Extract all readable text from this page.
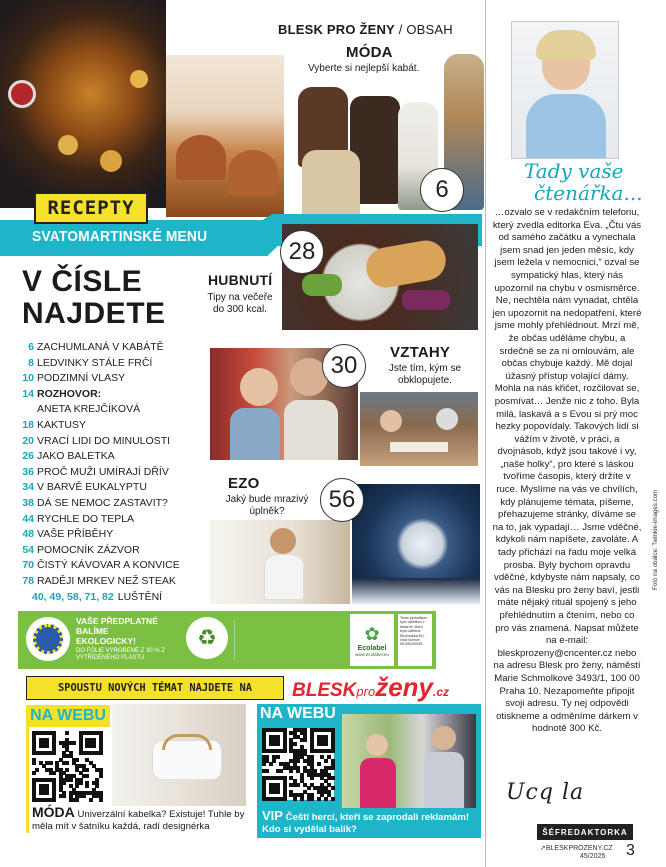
RECEPTY
SVATOMARTINSKÉ MENU
BLESK PRO ŽENY / OBSAH
MÓDA
Vyberte si nejlepší kabát.
6
28
HUBNUTÍ
Tipy na večeře do 300 kcal.
30	VZTAHY
Jste tím, kým se obklopujete.
EZO
Jaký bude mrazivý úplněk?	56
V ČÍSLE
NAJDETE
6 ZACHUMLANÁ V KABÁTĚ
8 LEDVINKY STÁLE FRČÍ
10 PODZIMNÍ VLASY
14 ROZHOVOR:
ANETA KREJČÍKOVÁ
18 KAKTUSY
20 VRACÍ LIDI DO MINULOSTI
26 JAKO BALETKA
36 PROČ MUŽI UMÍRAJÍ DŘÍV
34 V BARVĚ EUKALYPTU
38 DÁ SE NEMOC ZASTAVIT?
44 RYCHLE DO TEPLA
48 VAŠE PŘÍBĚHY
54 POMOCNÍK ZÁZVOR
70 ČISTÝ KÁVOVAR A KONVICE
78 RADĚJI MRKEV NEŽ STEAK
40, 49, 58, 71, 82 LUŠTĚNÍ
VAŠE PŘEDPLATNÉ
BALÍME
EKOLOGICKY!
DO FÓLIE VYROBENÉ Z 30 % Z VYTŘÍDĚNÉHO PLASTU
♻	✿
Ecolabel
www.ecolabel.eu
Tento periodikum bylo vytištěno v tiskárně, která byla udělena Ekoznačka EU, číslo licence SK/053/00001.
SPOUSTU NOVÝCH TÉMAT NAJDETE NA	BLESKproženy.cz
NA WEBU
MÓDA Univerzální kabelka? Existuje! Tuhle by měla mít v šatníku každá, radí designérka
NA WEBU
VIP Čeští herci, kteří se zaprodali reklamám! Kdo si vydělal balík?
Tady vaše
čtenářka...
…ozvalo se v redakčním telefonu, který zvedla editorka Eva. „Čtu vás od samého začátku a vynechala jsem snad jen jeden měsíc, kdy jsem ležela v nemocnici,“ ozval se sympatický hlas, který nás upozornil na chybu v osmisměrce. Ne, nechtěla nám vynadat, chtěla jen upozornit na nedopatření, které jsme mohly přehlédnout. Mrzí mě, že občas uděláme chybu, a srdečně se za ni omlouvám, ale občas chybuje každý. Mě dojal úžasný přístup volající dámy. Mohla na nás křičet, rozčilovat se, posmívat… Jenže nic z toho. Byla milá, laskavá a s Evou si prý moc hezky popovídaly. Takových lidí si vážím v životě, v práci, a dvojnásob, když jsou takové i vy, „naše holky“, pro které s láskou tvoříme časopis, který držíte v ruce. Myslíme na vás ve chvílích, kdy plánujeme témata, píšeme, přehazujeme stránky, díváme se na to, jak vypadají… Jsme vděčné, kdykoli nám napíšete, zavoláte. A tady přichází na řadu moje velká prosba. Byly bychom opravdu vděčné, kdybyste nám napsaly, co vás na Blesku pro ženy baví, jestli máte nějaký rituál spojený s jeho přehlédnutím a čtením, nebo co pro vás znamená. Napsat můžete na e-mail: bleskprozeny@cncenter.cz nebo na adresu Blesk pro ženy, náměstí Marie Schmolkové 3493/1, 100 00 Praha 10. Nezapomeňte připojit svoji adresu. Ty nej odpovědi otiskneme a odměníme dárkem v hodnotě 300 Kč.
Ucq la
ŠÉFREDAKTORKA
➚BLESKPROZENY.CZ
45/2025 3
Foto na obálce: Twinkle-images.com
